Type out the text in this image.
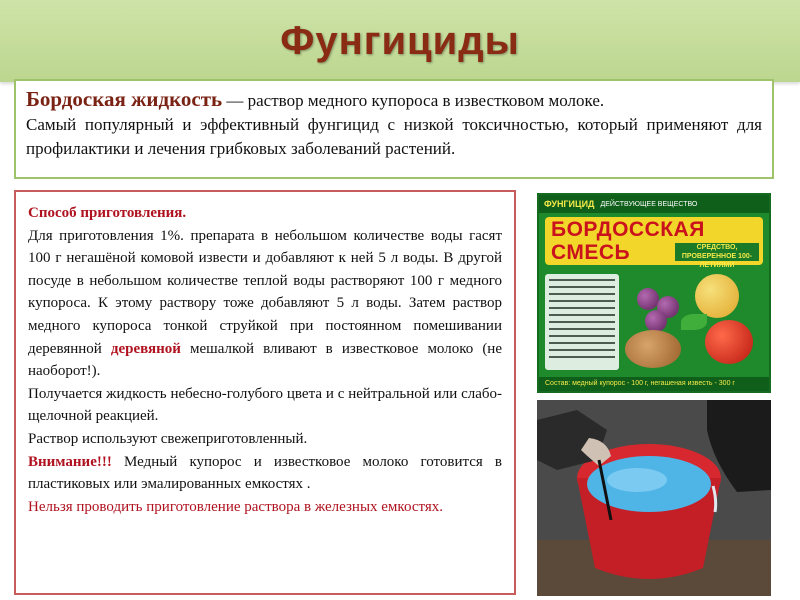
Фунгициды

Бордоская жидкость — раствор медного купороса в известковом молоке.

Самый популярный и эффективный фунгицид с низкой токсичностью, который применяют для профилактики и лечения грибковых заболеваний растений.

Способ приготовления.

Для приготовления 1%. препарата в небольшом количестве воды гасят 100 г негашёной комовой извести и добавляют к ней 5 л воды. В другой посуде в небольшом количестве теплой воды растворяют 100 г медного купороса. К этому раствору тоже добавляют 5 л воды. Затем раствор медного купороса тонкой струйкой при постоянном помешивании деревянной деревяной мешалкой вливают в известковое молоко (не наоборот!).

Получается жидкость небесно-голубого цвета и с нейтральной или слабо-щелочной реакцией.

Раствор используют свежеприготовленный.

Внимание!!! Медный купорос и известковое молоко готовится в пластиковых или эмалированных емкостях .

Нельзя проводить приготовление раствора в железных емкостях.

ФУНГИЦИД ДЕЙСТВУЮЩЕЕ ВЕЩЕСТВО
БОРДОССКАЯ
СМЕСЬ	СРЕДСТВО, ПРОВЕРЕННОЕ 100-ЛЕТИЯМИ
Состав: медный купорос - 100 г, негашеная известь - 300 г
